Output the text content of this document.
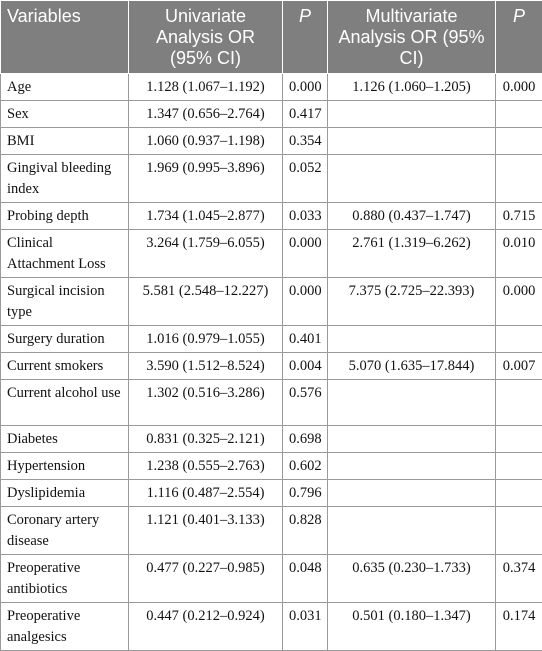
Variables	Univariate Analysis OR (95% CI)	P	Multivariate Analysis OR (95% CI)	P
Age	1.128 (1.067–1.192)	0.000	1.126 (1.060–1.205)	0.000
Sex	1.347 (0.656–2.764)	0.417		
BMI	1.060 (0.937–1.198)	0.354		
Gingival bleeding index	1.969 (0.995–3.896)	0.052		
Probing depth	1.734 (1.045–2.877)	0.033	0.880 (0.437–1.747)	0.715
Clinical Attachment Loss	3.264 (1.759–6.055)	0.000	2.761 (1.319–6.262)	0.010
Surgical incision type	5.581 (2.548–12.227)	0.000	7.375 (2.725–22.393)	0.000
Surgery duration	1.016 (0.979–1.055)	0.401		
Current smokers	3.590 (1.512–8.524)	0.004	5.070 (1.635–17.844)	0.007
Current alcohol use	1.302 (0.516–3.286)	0.576		
Diabetes	0.831 (0.325–2.121)	0.698		
Hypertension	1.238 (0.555–2.763)	0.602		
Dyslipidemia	1.116 (0.487–2.554)	0.796		
Coronary artery disease	1.121 (0.401–3.133)	0.828		
Preoperative antibiotics	0.477 (0.227–0.985)	0.048	0.635 (0.230–1.733)	0.374
Preoperative analgesics	0.447 (0.212–0.924)	0.031	0.501 (0.180–1.347)	0.174
